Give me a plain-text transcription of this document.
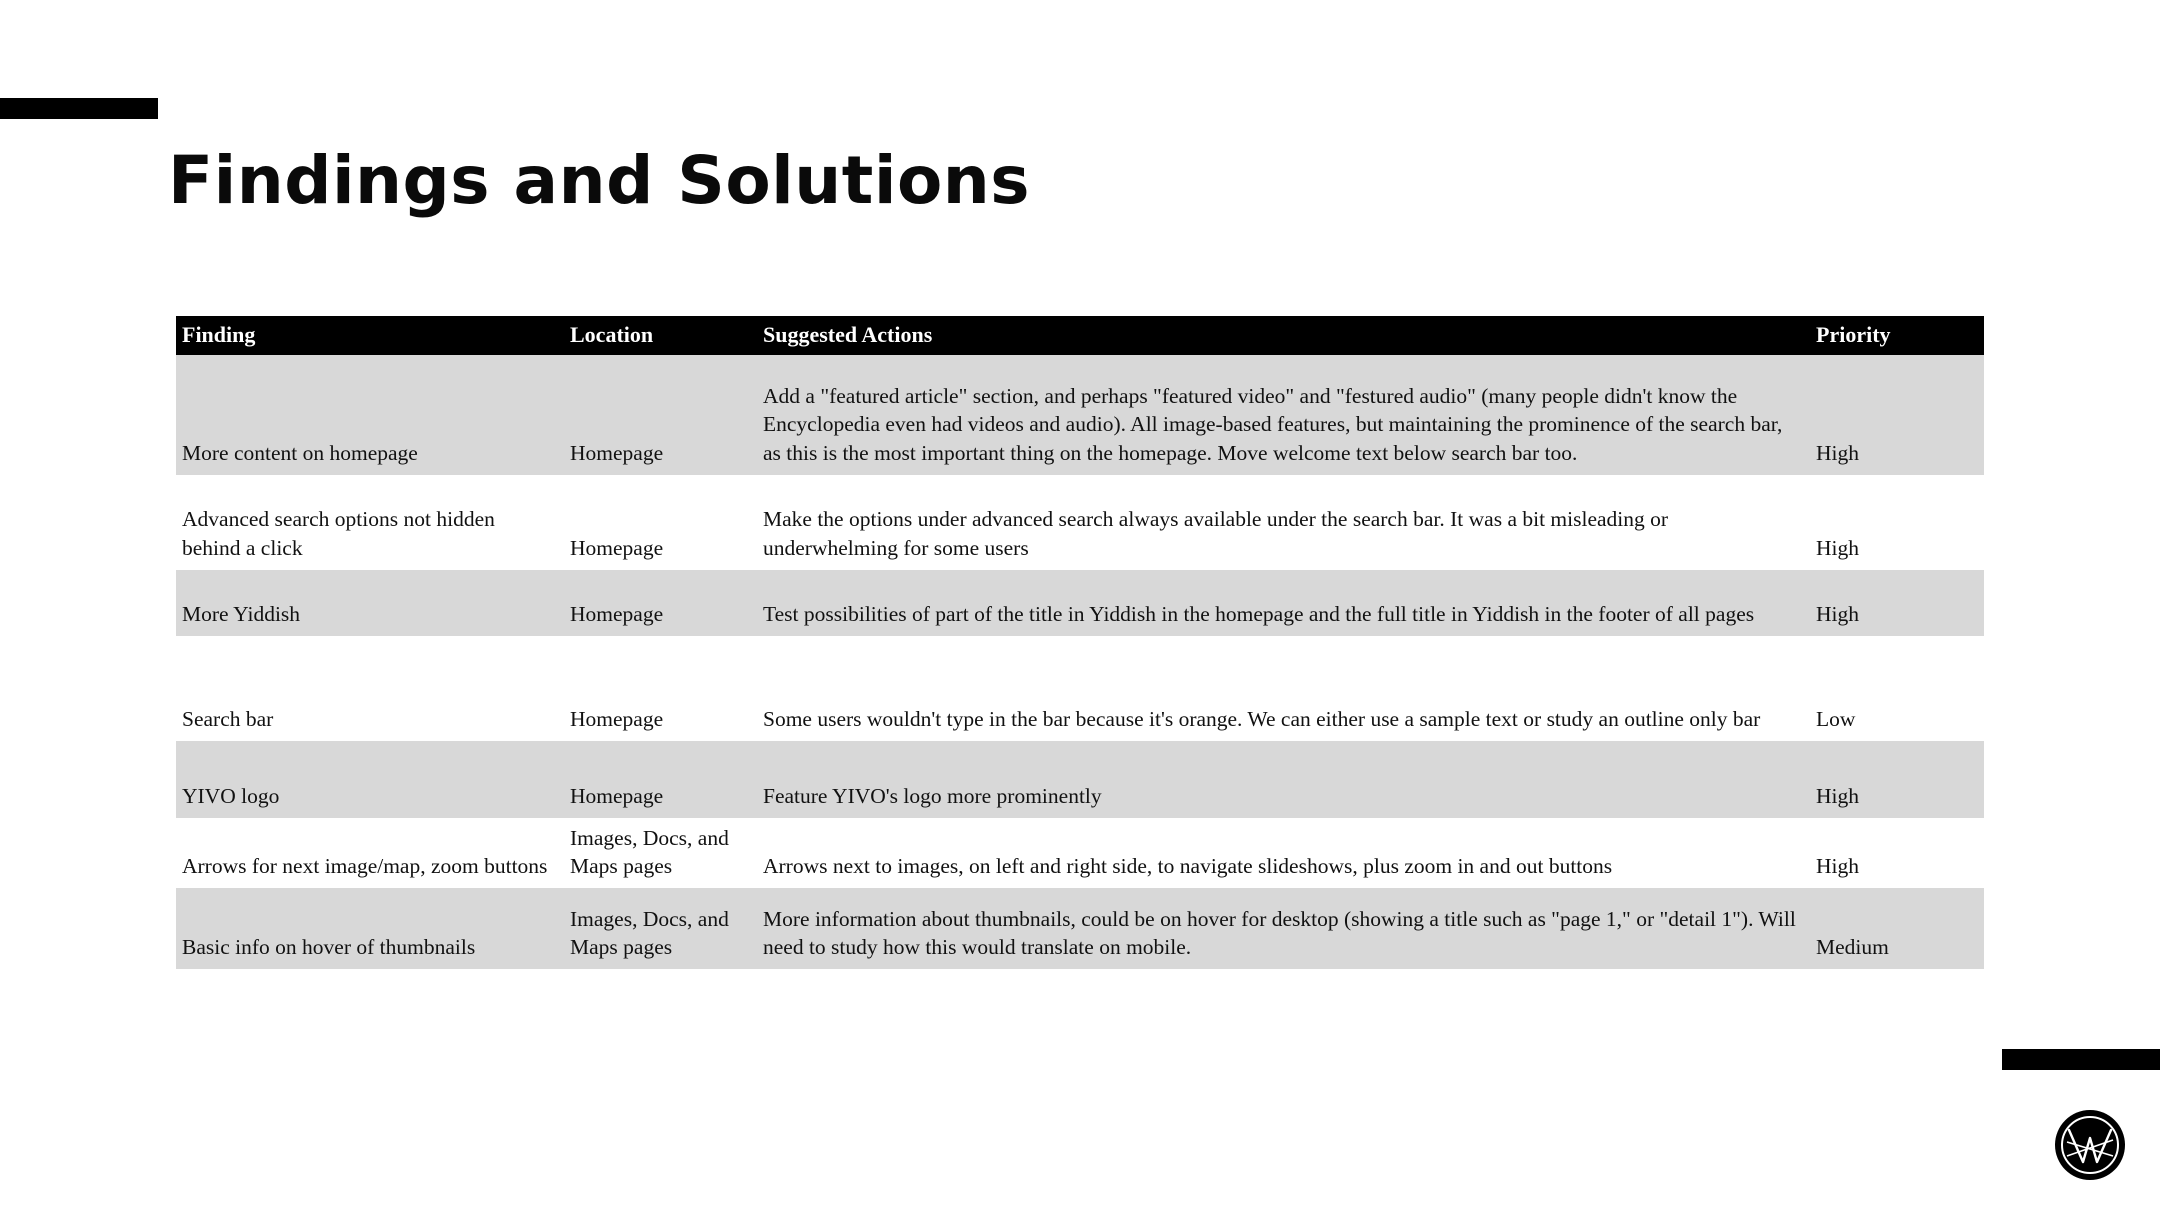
Findings and Solutions
Finding	Location	Suggested Actions	Priority
More content on homepage	Homepage	Add a "featured article" section, and perhaps "featured video" and "festured audio" (many people didn't know the Encyclopedia even had videos and audio). All image-based features, but maintaining the prominence of the search bar, as this is the most important thing on the homepage. Move welcome text below search bar too.	High
Advanced search options not hidden behind a click	Homepage	Make the options under advanced search always available under the search bar. It was a bit misleading or underwhelming for some users	High
More Yiddish	Homepage	Test possibilities of part of the title in Yiddish in the homepage and the full title in Yiddish in the footer of all pages	High
Search bar	Homepage	Some users wouldn't type in the bar because it's orange. We can either use a sample text or study an outline only bar	Low
YIVO logo	Homepage	Feature YIVO's logo more prominently	High
Arrows for next image/map, zoom buttons	Images, Docs, and Maps pages	Arrows next to images, on left and right side, to navigate slideshows, plus zoom in and out buttons	High
Basic info on hover of thumbnails	Images, Docs, and Maps pages	More information about thumbnails, could be on hover for desktop (showing a title such as "page 1," or "detail 1"). Will need to study how this would translate on mobile.	Medium
